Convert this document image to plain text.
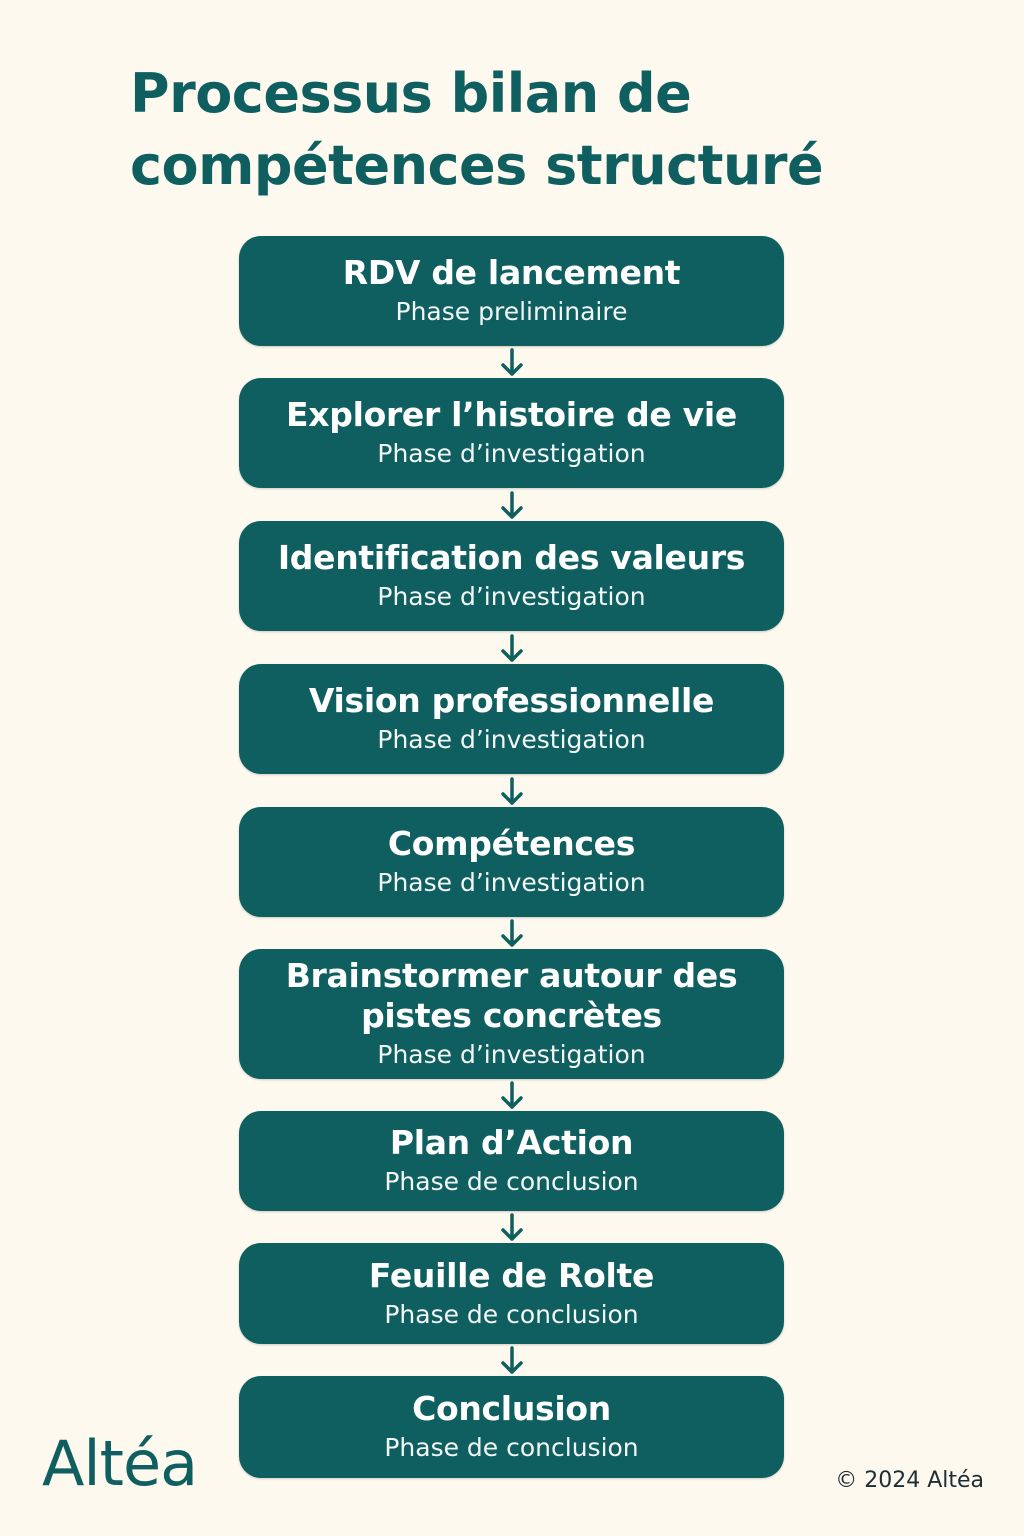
Processus bilan de
compétences structuré
RDV de lancement
Phase preliminaire
Explorer l’histoire de vie
Phase d’investigation
Identification des valeurs
Phase d’investigation
Vision professionnelle
Phase d’investigation
Compétences
Phase d’investigation
Brainstormer autour des
pistes concrètes
Phase d’investigation
Plan d’Action
Phase de conclusion
Feuille de Rolte
Phase de conclusion
Conclusion
Phase de conclusion
Altéa	© 2024 Altéa
